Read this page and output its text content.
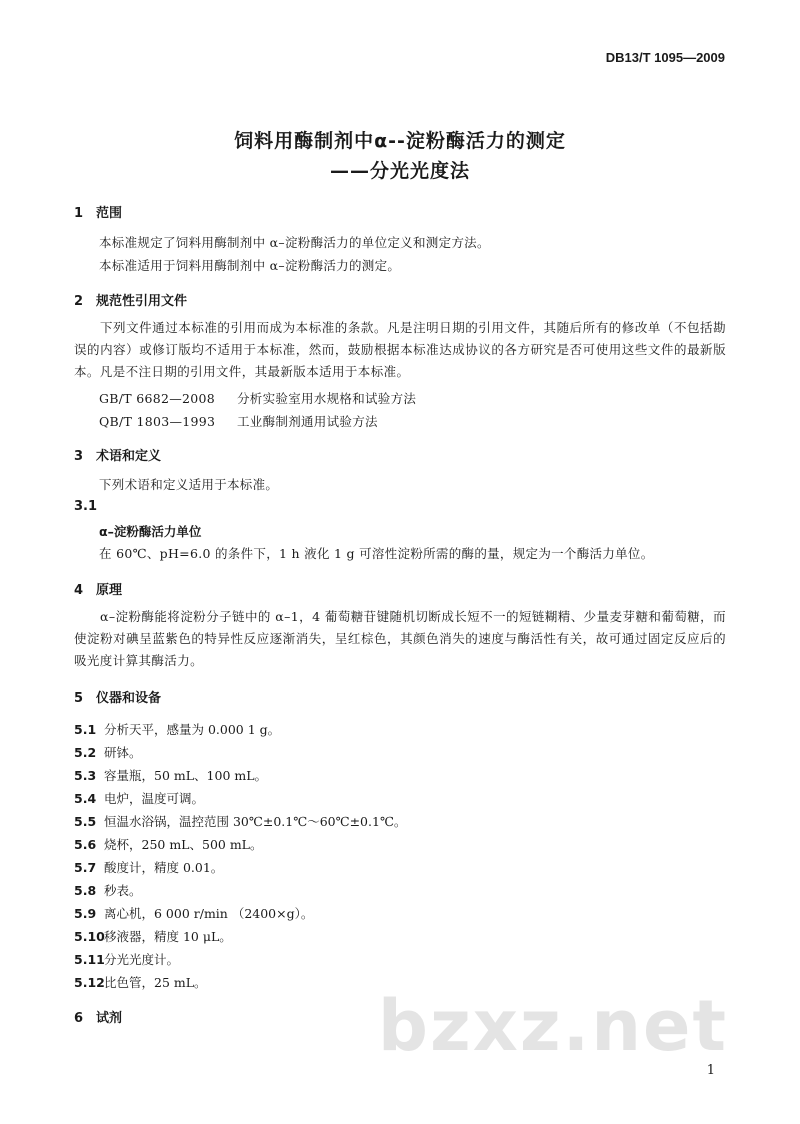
DB13/T 1095—2009
饲料用酶制剂中α--淀粉酶活力的测定
——分光光度法
1 范围
本标准规定了饲料用酶制剂中 α–淀粉酶活力的单位定义和测定方法。
本标准适用于饲料用酶制剂中 α–淀粉酶活力的测定。
2 规范性引用文件
下列文件通过本标准的引用而成为本标准的条款。凡是注明日期的引用文件，其随后所有的修改单（不包括勘误的内容）或修订版均不适用于本标准，然而，鼓励根据本标准达成协议的各方研究是否可使用这些文件的最新版本。凡是不注日期的引用文件，其最新版本适用于本标准。
GB/T 6682—2008 分析实验室用水规格和试验方法
QB/T 1803—1993 工业酶制剂通用试验方法
3 术语和定义
下列术语和定义适用于本标准。
3.1
α–淀粉酶活力单位
在 60℃、pH=6.0 的条件下，1 h 液化 1 g 可溶性淀粉所需的酶的量，规定为一个酶活力单位。
4 原理
α–淀粉酶能将淀粉分子链中的 α–1，4 葡萄糖苷键随机切断成长短不一的短链糊精、少量麦芽糖和葡萄糖，而使淀粉对碘呈蓝紫色的特异性反应逐渐消失，呈红棕色，其颜色消失的速度与酶活性有关，故可通过固定反应后的吸光度计算其酶活力。
5 仪器和设备
5.1 分析天平，感量为 0.000 1 g。
5.2 研钵。
5.3 容量瓶，50 mL、100 mL。
5.4 电炉，温度可调。
5.5 恒温水浴锅，温控范围 30℃±0.1℃～60℃±0.1℃。
5.6 烧杯，250 mL、500 mL。
5.7 酸度计，精度 0.01。
5.8 秒表。
5.9 离心机，6 000 r/min （2400×g）。
5.10移液器，精度 10 μL。
5.11分光光度计。
5.12比色管，25 mL。
6 试剂	bzxz.net
1
